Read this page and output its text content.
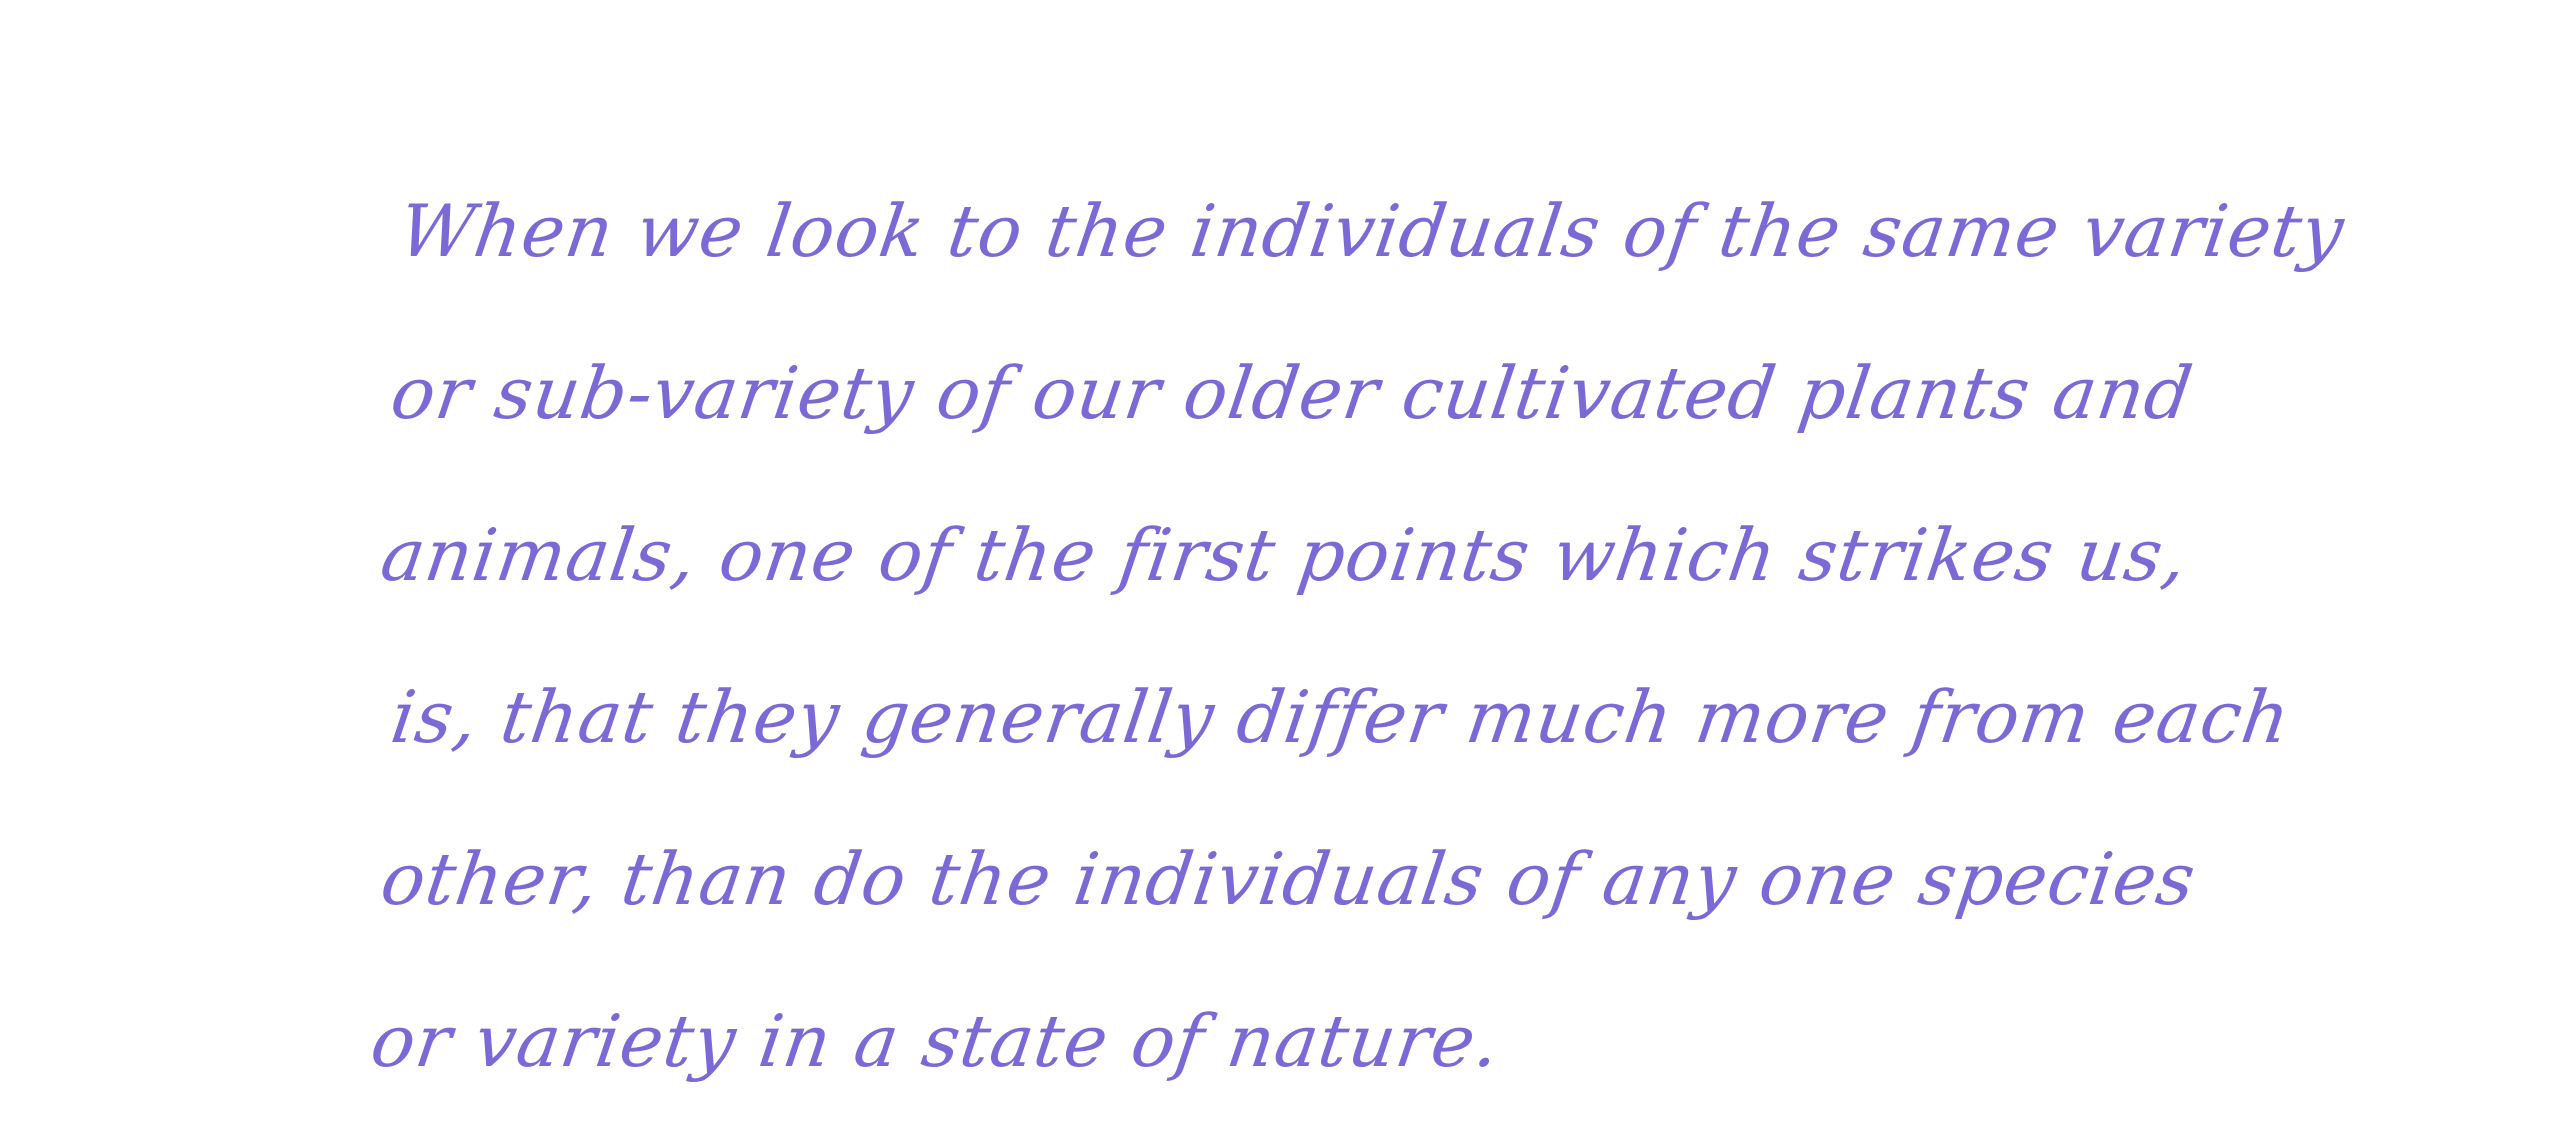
When we look to the individuals of the same variety
or sub-variety of our older cultivated plants and
animals, one of the first points which strikes us,
is, that they generally differ much more from each
other, than do the individuals of any one species
or variety in a state of nature.
